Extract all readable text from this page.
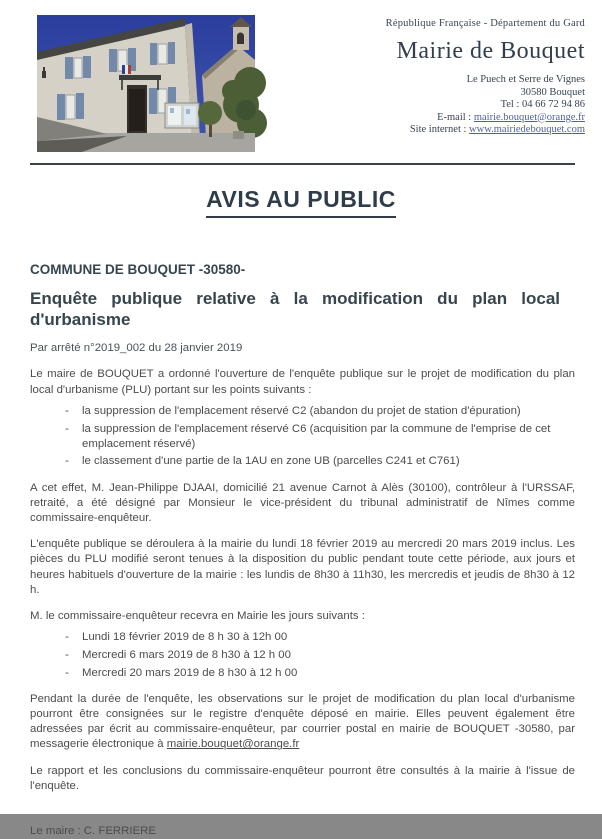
République Française - Département du Gard
Mairie de Bouquet
Le Puech et Serre de Vignes
30580 Bouquet
Tel : 04 66 72 94 86
E-mail : mairie.bouquet@orange.fr
Site internet : www.mairiedebouquet.com
AVIS AU PUBLIC

COMMUNE DE BOUQUET -30580-

Enquête publique relative à la modification du plan local d'urbanisme

Par arrêté n°2019_002 du 28 janvier 2019

Le maire de BOUQUET a ordonné l'ouverture de l'enquête publique sur le projet de modification du plan local d'urbanisme (PLU) portant sur les points suivants :

-	la suppression de l'emplacement réservé C2 (abandon du projet de station d'épuration)
-	la suppression de l'emplacement réservé C6 (acquisition par la commune de l'emprise de cet emplacement réservé)
-	le classement d'une partie de la 1AU en zone UB (parcelles C241 et C761)

A cet effet, M. Jean-Philippe DJAAI, domicilié 21 avenue Carnot à Alès (30100), contrôleur à l'URSSAF, retraité, a été désigné par Monsieur le vice-président du tribunal administratif de Nîmes comme commissaire-enquêteur.

L'enquête publique se déroulera à la mairie du lundi 18 février 2019 au mercredi 20 mars 2019 inclus. Les pièces du PLU modifié seront tenues à la disposition du public pendant toute cette période, aux jours et heures habituels d'ouverture de la mairie : les lundis de 8h30 à 11h30, les mercredis et jeudis de 8h30 à 12 h.

M. le commissaire-enquêteur recevra en Mairie les jours suivants :

-	Lundi 18 février 2019 de 8 h 30 à 12h 00
-	Mercredi 6 mars 2019 de 8 h30 à 12 h 00
-	Mercredi 20 mars 2019 de 8 h30 à 12 h 00

Pendant la durée de l'enquête, les observations sur le projet de modification du plan local d'urbanisme pourront être consignées sur le registre d'enquête déposé en mairie. Elles peuvent également être adressées par écrit au commissaire-enquêteur, par courrier postal en mairie de BOUQUET -30580, par messagerie électronique à mairie.bouquet@orange.fr

Le rapport et les conclusions du commissaire-enquêteur pourront être consultés à la mairie à l'issue de l'enquête.

Le maire : C. FERRIERE
